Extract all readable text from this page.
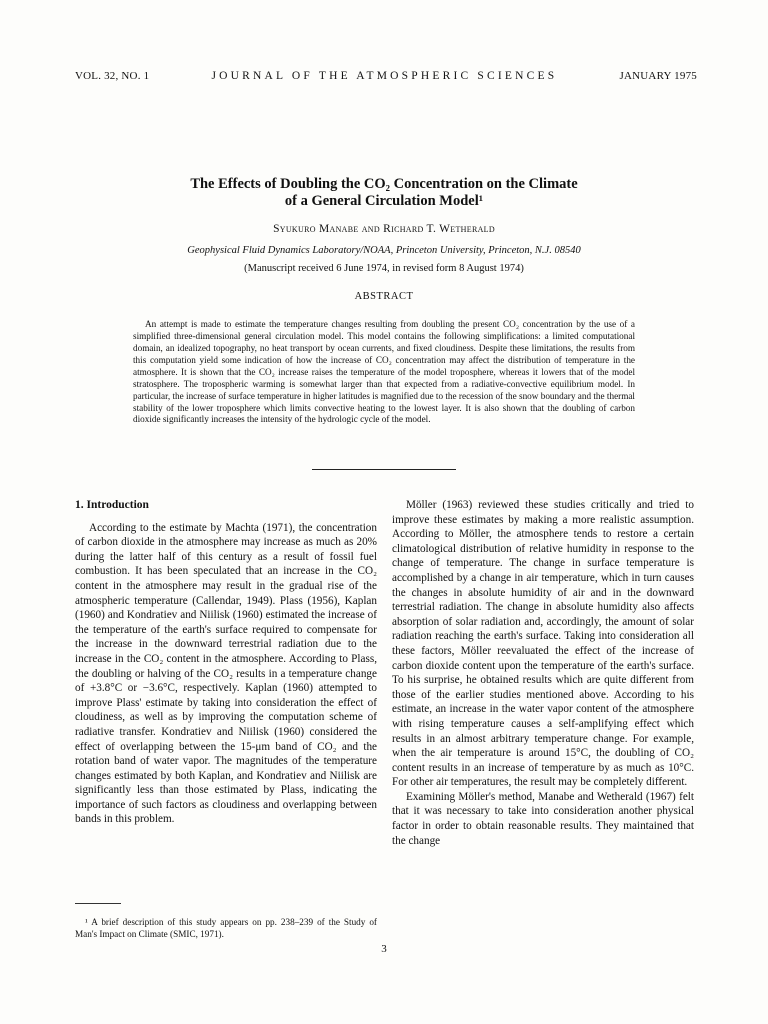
VOL. 32, NO. 1	JOURNAL OF THE ATMOSPHERIC SCIENCES	JANUARY 1975
The Effects of Doubling the CO₂ Concentration on the Climate
of a General Circulation Model¹
Syukuro Manabe and Richard T. Wetherald
Geophysical Fluid Dynamics Laboratory/NOAA, Princeton University, Princeton, N.J. 08540
(Manuscript received 6 June 1974, in revised form 8 August 1974)
ABSTRACT

An attempt is made to estimate the temperature changes resulting from doubling the present CO₂ concentration by the use of a simplified three-dimensional general circulation model. This model contains the following simplifications: a limited computational domain, an idealized topography, no heat transport by ocean currents, and fixed cloudiness. Despite these limitations, the results from this computation yield some indication of how the increase of CO₂ concentration may affect the distribution of temperature in the atmosphere. It is shown that the CO₂ increase raises the temperature of the model troposphere, whereas it lowers that of the model stratosphere. The tropospheric warming is somewhat larger than that expected from a radiative-convective equilibrium model. In particular, the increase of surface temperature in higher latitudes is magnified due to the recession of the snow boundary and the thermal stability of the lower troposphere which limits convective heating to the lowest layer. It is also shown that the doubling of carbon dioxide significantly increases the intensity of the hydrologic cycle of the model.

1. Introduction

According to the estimate by Machta (1971), the concentration of carbon dioxide in the atmosphere may increase as much as 20% during the latter half of this century as a result of fossil fuel combustion. It has been speculated that an increase in the CO₂ content in the atmosphere may result in the gradual rise of the atmospheric temperature (Callendar, 1949). Plass (1956), Kaplan (1960) and Kondratiev and Niilisk (1960) estimated the increase of the temperature of the earth's surface required to compensate for the increase in the downward terrestrial radiation due to the increase in the CO₂ content in the atmosphere. According to Plass, the doubling or halving of the CO₂ results in a temperature change of +3.8°C or −3.6°C, respectively. Kaplan (1960) attempted to improve Plass' estimate by taking into consideration the effect of cloudiness, as well as by improving the computation scheme of radiative transfer. Kondratiev and Niilisk (1960) considered the effect of overlapping between the 15-μm band of CO₂ and the rotation band of water vapor. The magnitudes of the temperature changes estimated by both Kaplan, and Kondratiev and Niilisk are significantly less than those estimated by Plass, indicating the importance of such factors as cloudiness and overlapping between bands in this problem.

Möller (1963) reviewed these studies critically and tried to improve these estimates by making a more realistic assumption. According to Möller, the atmosphere tends to restore a certain climatological distribution of relative humidity in response to the change of temperature. The change in surface temperature is accomplished by a change in air temperature, which in turn causes the changes in absolute humidity of air and in the downward terrestrial radiation. The change in absolute humidity also affects absorption of solar radiation and, accordingly, the amount of solar radiation reaching the earth's surface. Taking into consideration all these factors, Möller reevaluated the effect of the increase of carbon dioxide content upon the temperature of the earth's surface. To his surprise, he obtained results which are quite different from those of the earlier studies mentioned above. According to his estimate, an increase in the water vapor content of the atmosphere with rising temperature causes a self-amplifying effect which results in an almost arbitrary temperature change. For example, when the air temperature is around 15°C, the doubling of CO₂ content results in an increase of temperature by as much as 10°C. For other air temperatures, the result may be completely different.

Examining Möller's method, Manabe and Wetherald (1967) felt that it was necessary to take into consideration another physical factor in order to obtain reasonable results. They maintained that the change

¹ A brief description of this study appears on pp. 238–239 of the Study of Man's Impact on Climate (SMIC, 1971).

3
